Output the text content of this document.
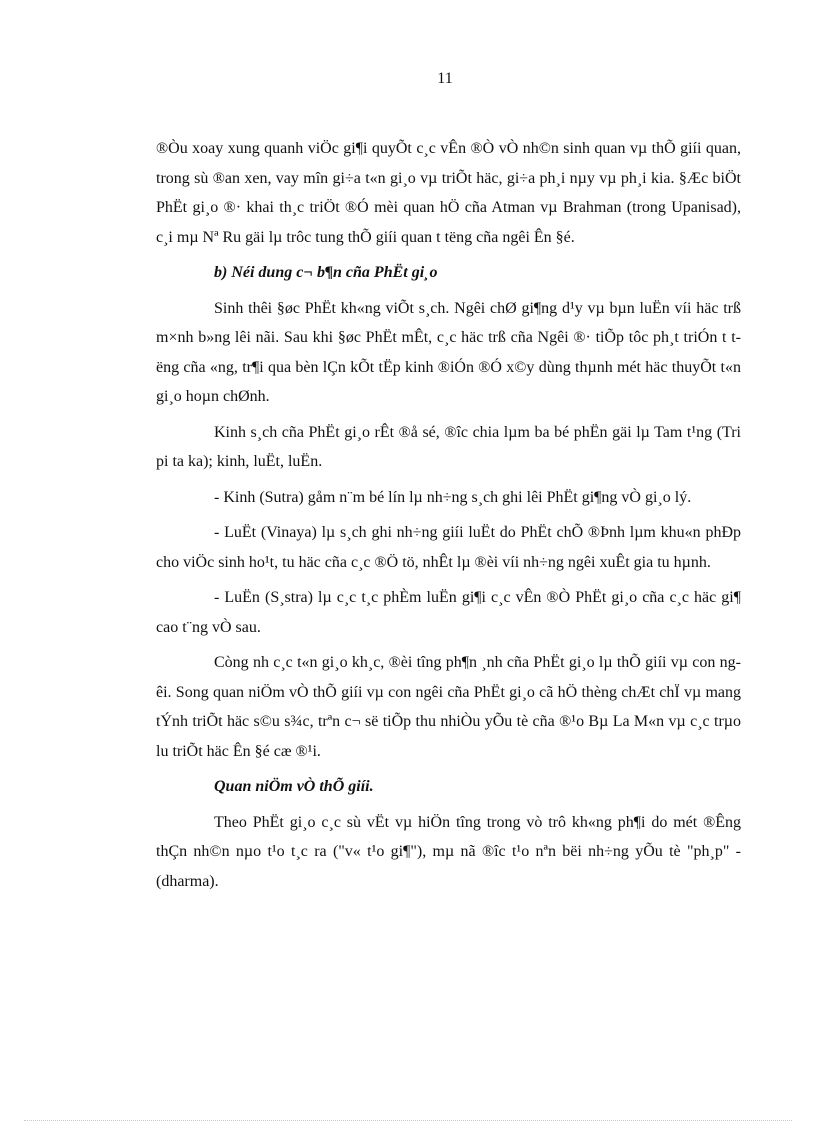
11

®Òu xoay xung quanh viÖc gi¶i quyÕt c¸c vÊn ®Ò vÒ nh©n sinh quan vµ thÕ giíi quan, trong sù ®an xen, vay mîn gi÷a t«n gi¸o vµ triÕt häc, gi÷a ph¸i nµy vµ ph¸i kia. §Æc biÖt PhËt gi¸o ®· khai th¸c triÖt ®Ó mèi quan hÖ cña Atman vµ Brahman (trong Upanisad), c¸i mµ Nª Ru gäi lµ trôc tung thÕ giíi quan t tëng cña ngêi Ên §é.

b) Néi dung c¬ b¶n cña PhËt gi¸o

Sinh thêi §øc PhËt kh«ng viÕt s¸ch. Ngêi chØ gi¶ng d¹y vµ bµn luËn víi häc trß m×nh b»ng lêi nãi. Sau khi §øc PhËt mÊt, c¸c häc trß cña Ngêi ®· tiÕp tôc ph¸t triÓn t tëng cña «ng, tr¶i qua bèn lÇn kÕt tËp kinh ®iÓn ®Ó x©y dùng thµnh mét häc thuyÕt t«n gi¸o hoµn chØnh.

Kinh s¸ch cña PhËt gi¸o rÊt ®å sé, ®îc chia lµm ba bé phËn gäi lµ Tam t¹ng (Tri pi ta ka); kinh, luËt, luËn.

- Kinh (Sutra) gåm n¨m bé lín lµ nh÷ng s¸ch ghi lêi PhËt gi¶ng vÒ gi¸o lý.

- LuËt (Vinaya) lµ s¸ch ghi nh÷ng giíi luËt do PhËt chÕ ®Þnh lµm khu«n phÐp cho viÖc sinh ho¹t, tu häc cña c¸c ®Ö tö, nhÊt lµ ®èi víi nh÷ng ngêi xuÊt gia tu hµnh.

- LuËn (S¸stra) lµ c¸c t¸c phÈm luËn gi¶i c¸c vÊn ®Ò PhËt gi¸o cña c¸c häc gi¶ cao t¨ng vÒ sau.

Còng nh c¸c t«n gi¸o kh¸c, ®èi tîng ph¶n ¸nh cña PhËt gi¸o lµ thÕ giíi vµ con ngêi. Song quan niÖm vÒ thÕ giíi vµ con ngêi cña PhËt gi¸o cã hÖ thèng chÆt chÏ vµ mang tÝnh triÕt häc s©u s¾c, trªn c¬ së tiÕp thu nhiÒu yÕu tè cña ®¹o Bµ La M«n vµ c¸c trµo lu triÕt häc Ên §é cæ ®¹i.

Quan niÖm vÒ thÕ giíi.

Theo PhËt gi¸o c¸c sù vËt vµ hiÖn tîng trong vò trô kh«ng ph¶i do mét ®Êng thÇn nh©n nµo t¹o t¸c ra ("v« t¹o gi¶"), mµ nã ®îc t¹o nªn bëi nh÷ng yÕu tè "ph¸p" - (dharma).
